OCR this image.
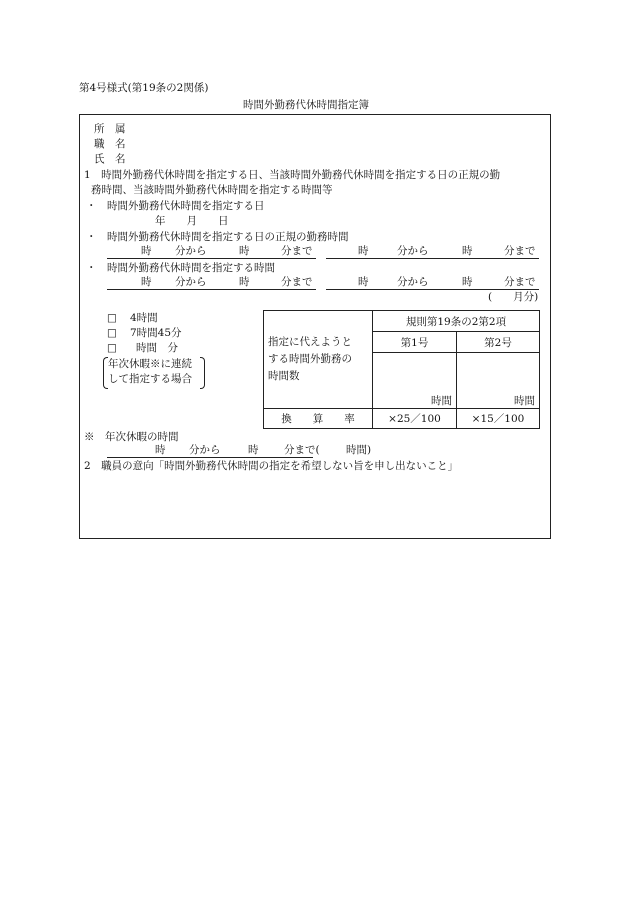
第4号様式(第19条の2関係)
時間外勤務代休時間指定簿
所　属
職　名
氏　名
1　時間外勤務代休時間を指定する日、当該時間外勤務代休時間を指定する日の正規の勤
務時間、当該時間外勤務代休時間を指定する時間等
・　時間外勤務代休時間を指定する日
年　　月　　日
・　時間外勤務代休時間を指定する日の正規の勤務時間
時 分から	時	分まで	時	分から	時	分まで
・　時間外勤務代休時間を指定する時間
時 分から	時	分まで	時	分から	時	分まで
(　　月分)
□ 4時間
□ 7時間45分
□ 時間　分
年次休暇※に連続
して指定する場合
指定に代えようと
する時間外勤務の
時間数	規則第19条の2第2項	
	第1号	第2号
	時間	時間
換　　算　　率	×25／100	×15／100
※　年次休暇の時間
時 分から	時 分まで(	時間)
2　職員の意向「時間外勤務代休時間の指定を希望しない旨を申し出ないこと」
